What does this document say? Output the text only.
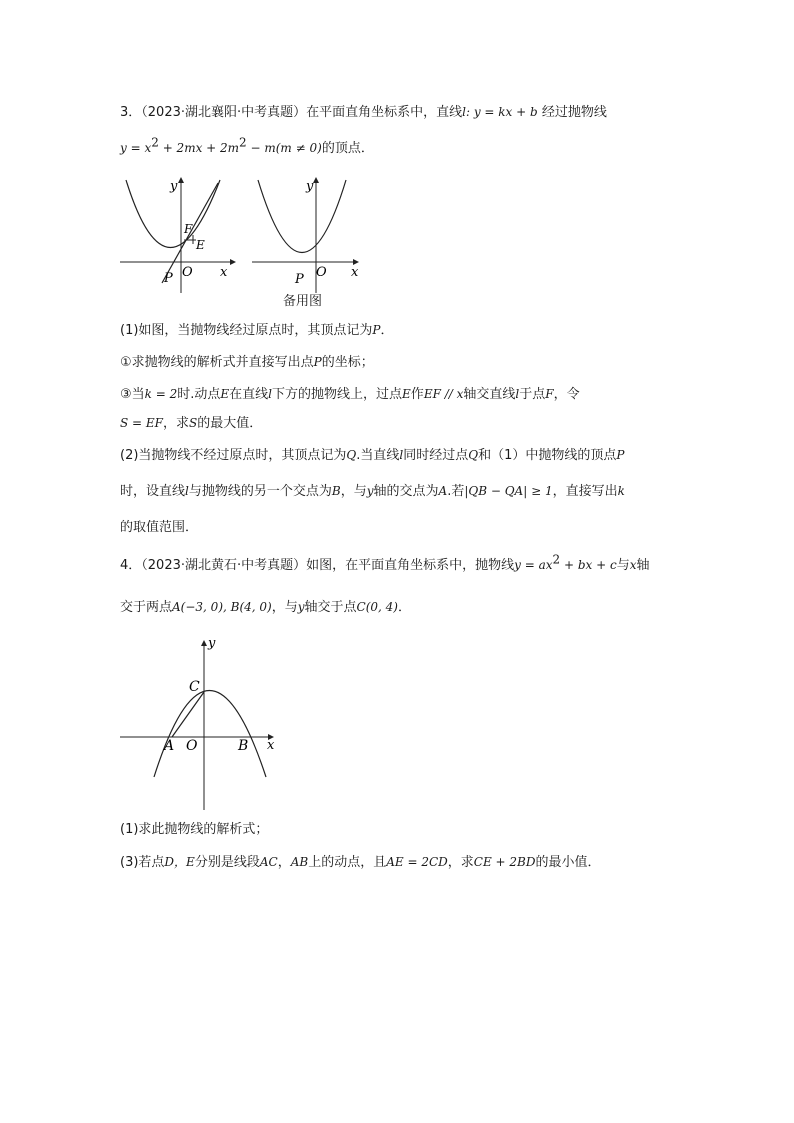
3．（2023·湖北襄阳·中考真题）在平面直角坐标系中，直线l: y = kx + b 经过抛物线
$y = x^2 + 2mx + 2m^2 - m(m \ne 0)$的顶点．
y
x
O
P
E
F
y
x
O
P
备用图
(1)如图，当抛物线经过原点时，其顶点记为P．
①求抛物线的解析式并直接写出点P的坐标；
③当k = 2时.动点E在直线l下方的抛物线上，过点E作EF // x轴交直线l于点F，令
S = EF，求S的最大值．
(2)当抛物线不经过原点时，其顶点记为Q.当直线l同时经过点Q和（1）中抛物线的顶点P
时，设直线l与抛物线的另一个交点为B，与y轴的交点为A.若|QB − QA| ≥ 1，直接写出k
的取值范围．
4．（2023·湖北黄石·中考真题）如图，在平面直角坐标系中，抛物线$y = ax^2$ + bx + c与x轴
交于两点A(−3, 0), B(4, 0)，与y轴交于点C(0, 4)．
y
x
O
A	B
C
(1)求此抛物线的解析式；
(3)若点D，E分别是线段AC，AB上的动点，且AE = 2CD，求CE + 2BD的最小值．
